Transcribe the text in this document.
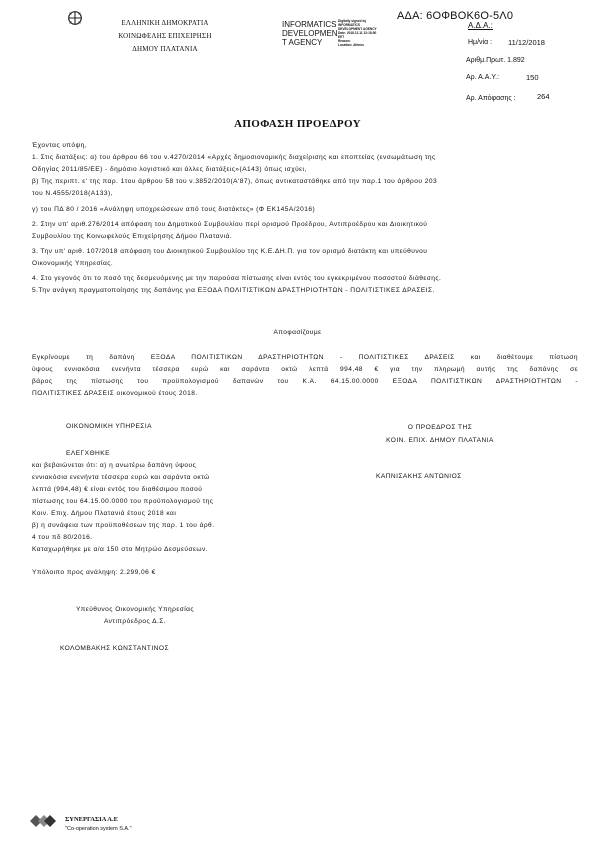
ΕΛΛΗΝΙΚΗ ΔΗΜΟΚΡΑΤΙΑ
ΚΟΙΝΩΦΕΛΗΣ ΕΠΙΧΕΙΡΗΣΗ
ΔΗΜΟΥ ΠΛΑΤΑΝΙΑ
INFORMATICS
DEVELOPMEN
T AGENCY
Digitally signed by
INFORMATICS
DEVELOPMENT AGENCY
Date: 2018.12.11 12:18:50
EET
Reason:
Location: Athens
ΑΔΑ: 6ΟΦΒΟΚ6Ο-5Λ0
Α.Δ.Α.:
Ημ/νία : 11/12/2018
Αριθμ.Πρωτ. 1.892
Αρ. Α.Α.Υ.:	150
Αρ. Απόφασης :	264
ΑΠΟΦΑΣΗ ΠΡΟΕΔΡΟΥ
Έχοντας υπόψη,
1. Στις διατάξεις: α) του άρθρου 66 του ν.4270/2014 «Αρχές δημοσιονομικής διαχείρισης και εποπτείας (ενσωμάτωση της
Οδηγίας 2011/85/ΕΕ) - δημόσιο λογιστικό και άλλες διατάξεις»(Α143) όπως ισχύει,
β) Της περιπτ. ε' της παρ. 1του άρθρου 58 του ν.3852/2010(Α'87), όπως αντικαταστάθηκε από την παρ.1 του άρθρου 203
του Ν.4555/2018(Α133),
γ) του ΠΔ 80 / 2016 «Ανάληψη υποχρεώσεων από τους διατάκτες» (Φ ΕΚ145Α/2016)
2. Στην υπ' αριθ.276/2014 απόφαση του Δημοτικού Συμβουλίου περί ορισμού Προέδρου, Αντιπροέδρου και Διοικητικού
Συμβουλίου της Κοινωφελούς Επιχείρησης Δήμου Πλατανιά.
3. Την υπ' αριθ. 107/2018 απόφαση του Διοικητικού Συμβουλίου της Κ.Ε.ΔΗ.Π. για τον ορισμό διατάκτη και υπεύθυνου
Οικονομικής Υπηρεσίας.
4. Στο γεγονός ότι το ποσό της δεσμευόμενης με την παρούσα πίστωσης είναι εντός του εγκεκριμένου ποσοστού διάθεσης.
5.Την ανάγκη πραγματοποίησης της δαπάνης για ΕΞΟΔΑ ΠΟΛΙΤΙΣΤΙΚΩΝ ΔΡΑΣΤΗΡΙΟΤΗΤΩΝ - ΠΟΛΙΤΙΣΤΙΚΕΣ ΔΡΑΣΕΙΣ.
Αποφασίζουμε
Εγκρίνουμε τη δαπάνη ΕΞΟΔΑ ΠΟΛΙΤΙΣΤΙΚΩΝ ΔΡΑΣΤΗΡΙΟΤΗΤΩΝ - ΠΟΛΙΤΙΣΤΙΚΕΣ ΔΡΑΣΕΙΣ και διαθέτουμε πίστωση
ύψους εννιακόσια ενενήντα τέσσερα ευρώ και σαράντα οκτώ λεπτά 994,48 € για την πληρωμή αυτής της δαπάνης σε
βάρος της πίστωσης του προϋπολογισμού δαπανών του Κ.Α. 64.15.00.0000 ΕΞΟΔΑ ΠΟΛΙΤΙΣΤΙΚΩΝ ΔΡΑΣΤΗΡΙΟΤΗΤΩΝ -
ΠΟΛΙΤΙΣΤΙΚΕΣ ΔΡΑΣΕΙΣ οικονομικού έτους 2018.
ΟΙΚΟΝΟΜΙΚΗ ΥΠΗΡΕΣΙΑ	Ο ΠΡΟΕΔΡΟΣ ΤΗΣ
ΚΟΙΝ. ΕΠΙΧ. ΔΗΜΟΥ ΠΛΑΤΑΝΙΑ
ΕΛΕΓΧΘΗΚΕ
ΚΑΠΝΙΣΑΚΗΣ ΑΝΤΩΝΙΟΣ
και βεβαιώνεται ότι: α) η ανωτέρω δαπάνη ύψους
εννιακόσια ενενήντα τέσσερα ευρώ και σαράντα οκτώ
λεπτά (994,48) € είναι εντός του διαθέσιμου ποσού
πίστωσης του 64.15.00.0000 του προϋπολογισμού της
Κοιν. Επιχ. Δήμου Πλατανιά έτους 2018 και
β) η συνάφεια των προϋποθέσεων της παρ. 1 του άρθ.
4 του πδ 80/2016.
Καταχωρήθηκε με α/α 150 στο Μητρώο Δεσμεύσεων.
Υπόλοιπο προς ανάληψη: 2.299,06 €
Υπεύθυνος Οικονομικής Υπηρεσίας
Αντιπρόεδρος Δ.Σ.
ΚΟΛΟΜΒΑΚΗΣ ΚΩΝΣΤΑΝΤΙΝΟΣ
ΣΥΝΕΡΓΑΣΙΑ Α.Ε
"Co-operation system S.A."
